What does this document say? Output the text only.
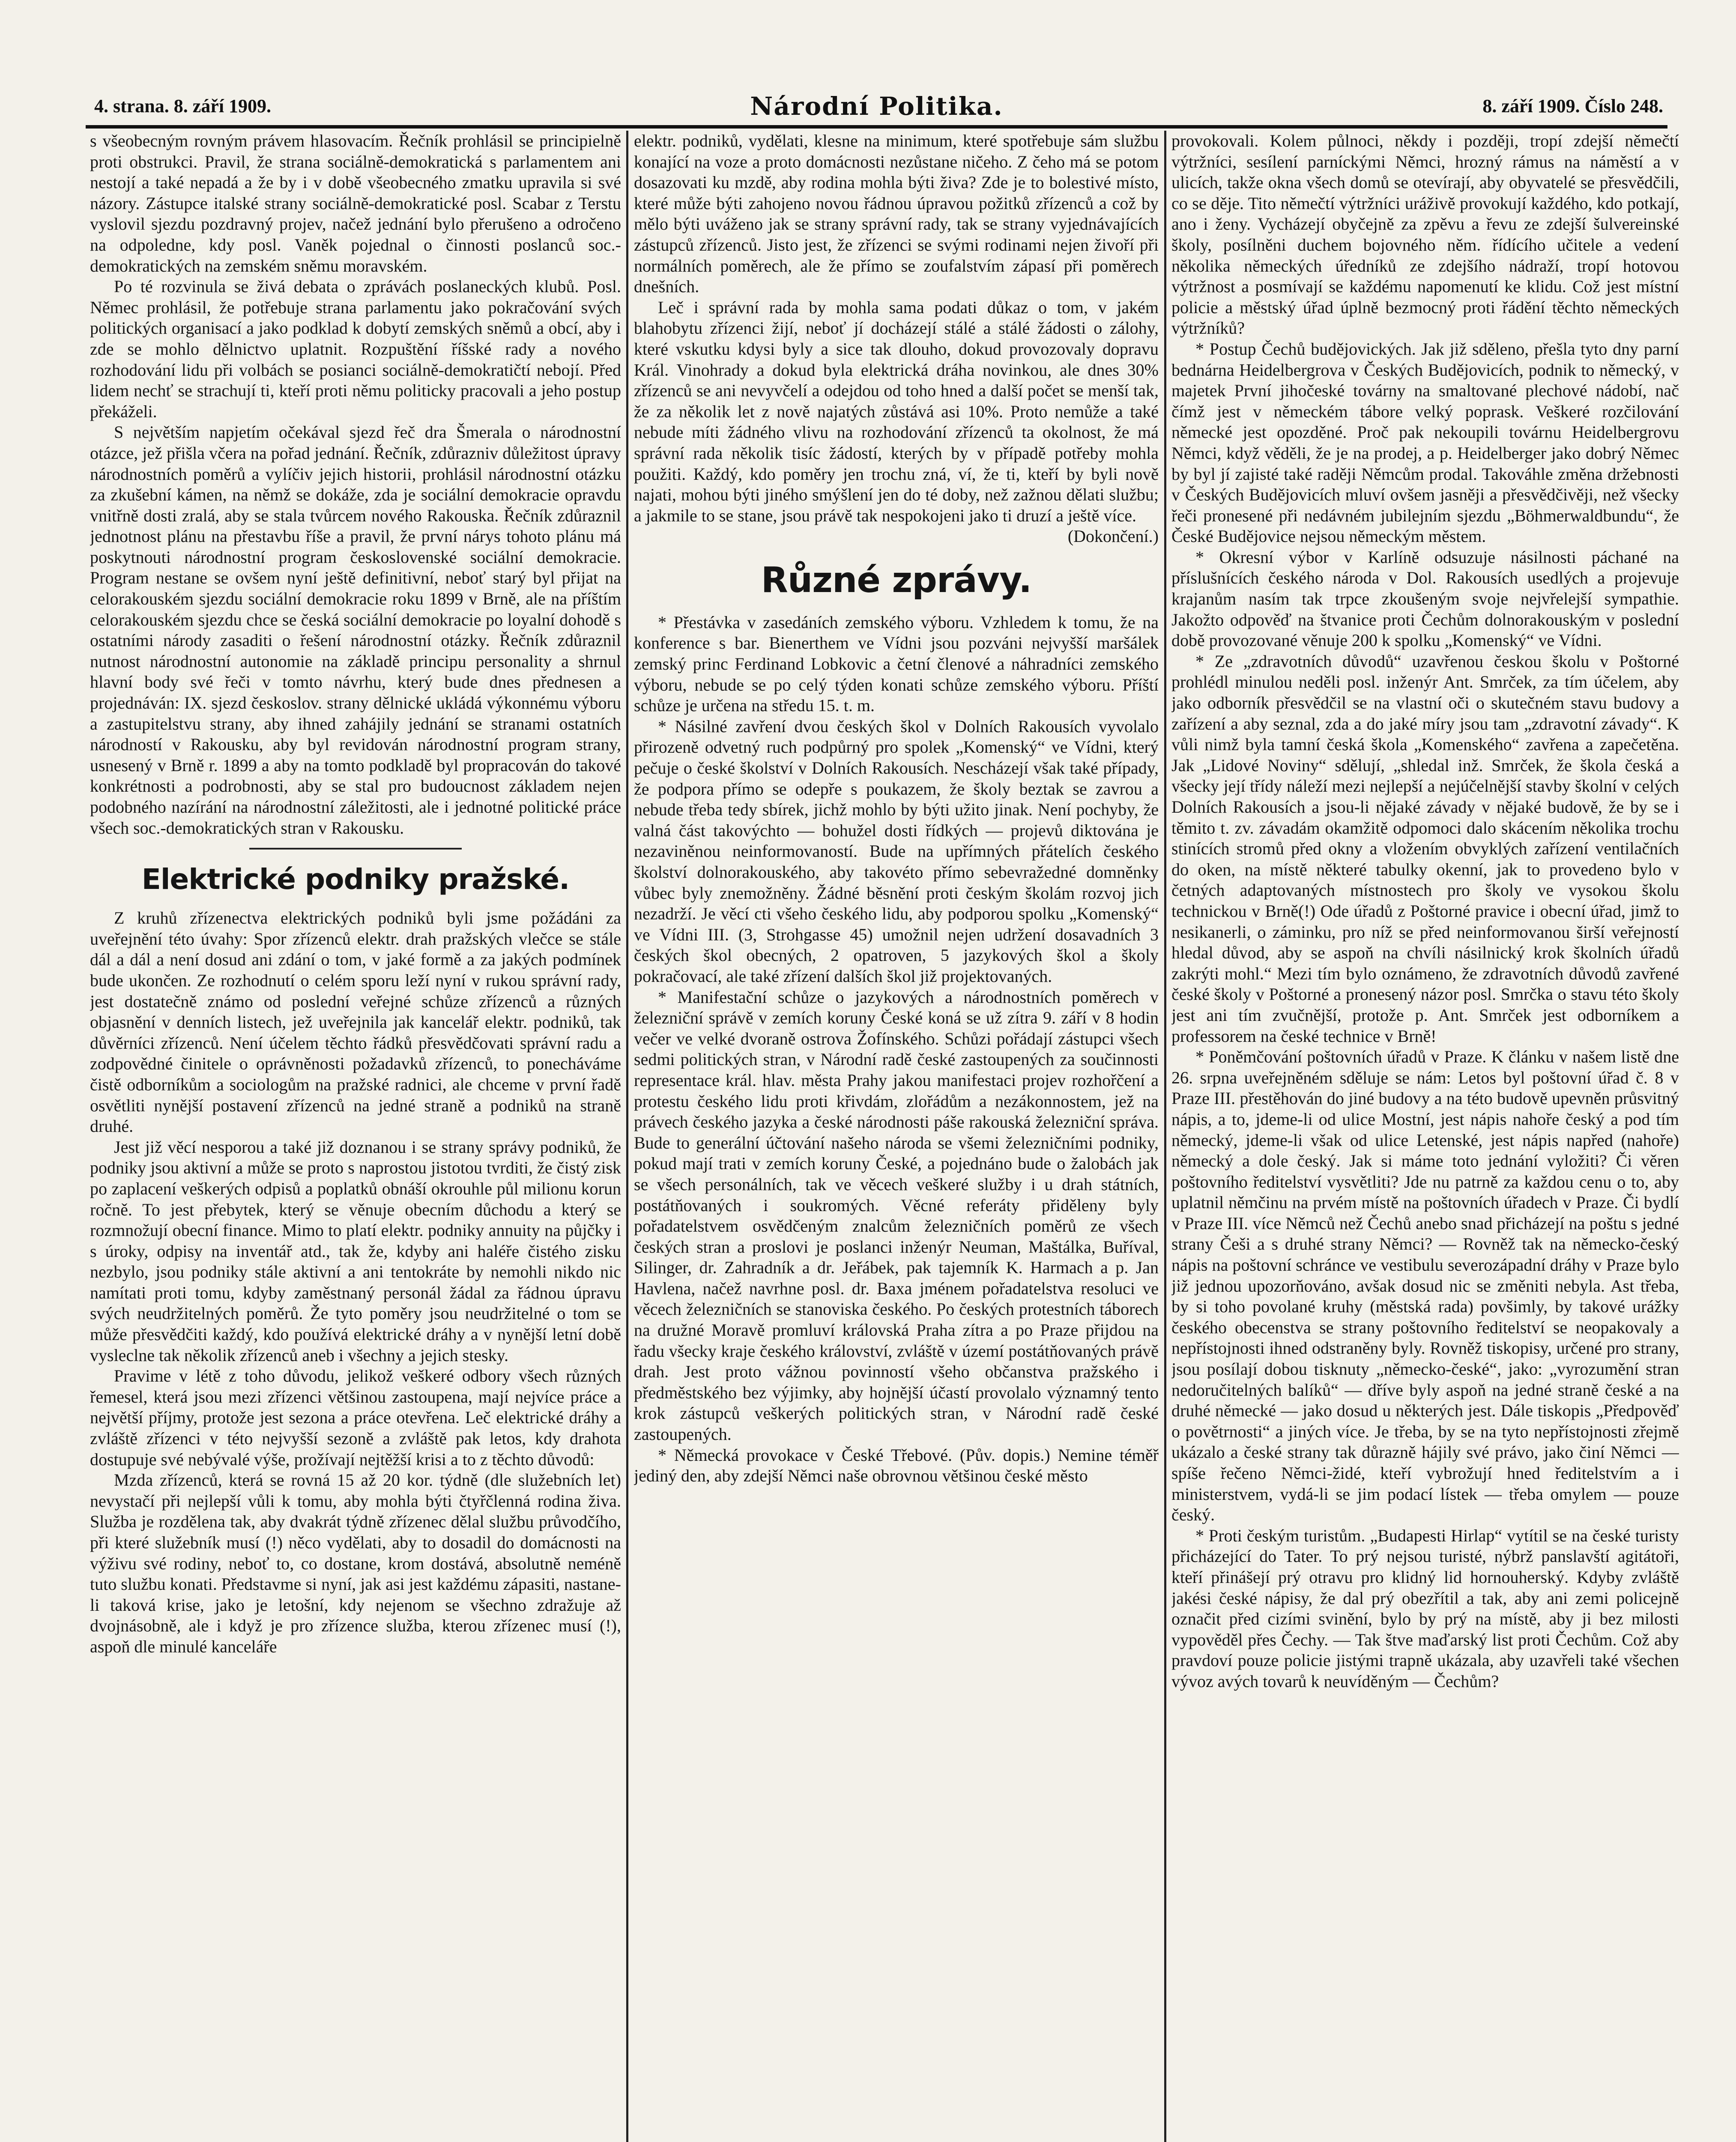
4. strana. 8. září 1909.	Národní Politika.	8. září 1909. Číslo 248.

s všeobecným rovným právem hlasovacím. Řečník prohlásil se principielně proti obstrukci. Pravil, že strana sociálně-demokratická s parlamentem ani nestojí a také nepadá a že by i v době všeobecného zmatku upravila si své názory. Zástupce italské strany sociálně-demokratické posl. Scabar z Terstu vyslovil sjezdu pozdravný projev, načež jednání bylo přerušeno a odročeno na odpoledne, kdy posl. Vaněk pojednal o činnosti poslanců soc.-demokratických na zemském sněmu moravském.

Po té rozvinula se živá debata o zprávách poslaneckých klubů. Posl. Němec prohlásil, že potřebuje strana parlamentu jako pokračování svých politických organisací a jako podklad k dobytí zemských sněmů a obcí, aby i zde se mohlo dělnictvo uplatnit. Rozpuštění říšské rady a nového rozhodování lidu při volbách se posianci sociálně-demokratičtí nebojí. Před lidem nechť se strachují ti, kteří proti němu politicky pracovali a jeho postup překáželi.

S největším napjetím očekával sjezd řeč dra Šmerala o národnostní otázce, jež přišla včera na pořad jednání. Řečník, zdůrazniv důležitost úpravy národnostních poměrů a vylíčiv jejich historii, prohlásil národnostní otázku za zkušební kámen, na němž se dokáže, zda je sociální demokracie opravdu vnitřně dosti zralá, aby se stala tvůrcem nového Rakouska. Řečník zdůraznil jednotnost plánu na přestavbu říše a pravil, že první nárys tohoto plánu má poskytnouti národnostní program československé sociální demokracie. Program nestane se ovšem nyní ještě definitivní, neboť starý byl přijat na celorakouském sjezdu sociální demokracie roku 1899 v Brně, ale na příštím celorakouském sjezdu chce se česká sociální demokracie po loyalní dohodě s ostatními národy zasaditi o řešení národnostní otázky. Řečník zdůraznil nutnost národnostní autonomie na základě principu personality a shrnul hlavní body své řeči v tomto návrhu, který bude dnes přednesen a projednáván: IX. sjezd českoslov. strany dělnické ukládá výkonnému výboru a zastupitelstvu strany, aby ihned zahájily jednání se stranami ostatních národností v Rakousku, aby byl revidován národnostní program strany, usnesený v Brně r. 1899 a aby na tomto podkladě byl propracován do takové konkrétnosti a podrobnosti, aby se stal pro budoucnost základem nejen podobného nazírání na národnostní záležitosti, ale i jednotné politické práce všech soc.-demokratických stran v Rakousku.

Elektrické podniky pražské.

Z kruhů zřízenectva elektrických podniků byli jsme požádáni za uveřejnění této úvahy: Spor zřízenců elektr. drah pražských vlečce se stále dál a dál a není dosud ani zdání o tom, v jaké formě a za jakých podmínek bude ukončen. Ze rozhodnutí o celém sporu leží nyní v rukou správní rady, jest dostatečně známo od poslední veřejné schůze zřízenců a různých objasnění v denních listech, jež uveřejnila jak kancelář elektr. podniků, tak důvěrníci zřízenců. Není účelem těchto řádků přesvědčovati správní radu a zodpovědné činitele o oprávněnosti požadavků zřízenců, to ponecháváme čistě odborníkům a sociologům na pražské radnici, ale chceme v první řadě osvětliti nynější postavení zřízenců na jedné straně a podniků na straně druhé.

Jest již věcí nesporou a také již doznanou i se strany správy podniků, že podniky jsou aktivní a může se proto s naprostou jistotou tvrditi, že čistý zisk po zaplacení veškerých odpisů a poplatků obnáší okrouhle půl milionu korun ročně. To jest přebytek, který se věnuje obecním důchodu a který se rozmnožují obecní finance. Mimo to platí elektr. podniky annuity na půjčky i s úroky, odpisy na inventář atd., tak že, kdyby ani haléře čistého zisku nezbylo, jsou podniky stále aktivní a ani tentokráte by nemohli nikdo nic namítati proti tomu, kdyby zaměstnaný personál žádal za řádnou úpravu svých neudržitelných poměrů. Že tyto poměry jsou neudržitelné o tom se může přesvědčiti každý, kdo používá elektrické dráhy a v nynější letní době vysleclne tak několik zřízenců aneb i všechny a jejich stesky.

Pravime v létě z toho důvodu, jelikož veškeré odbory všech různých řemesel, která jsou mezi zřízenci většinou zastoupena, mají nejvíce práce a největší příjmy, protože jest sezona a práce otevřena. Leč elektrické dráhy a zvláště zřízenci v této nejvyšší sezoně a zvláště pak letos, kdy drahota dostupuje své nebývalé výše, prožívají nejtěžší krisi a to z těchto důvodů:

Mzda zřízenců, která se rovná 15 až 20 kor. týdně (dle služebních let) nevystačí při nejlepší vůli k tomu, aby mohla býti čtyřčlenná rodina živa. Služba je rozdělena tak, aby dvakrát týdně zřízenec dělal službu průvodčího, při které služebník musí (!) něco vydělati, aby to dosadil do domácnosti na výživu své rodiny, neboť to, co dostane, krom dostává, absolutně neméně tuto službu konati. Představme si nyní, jak asi jest každému zápasiti, nastane-li taková krise, jako je letošní, kdy nejenom se všechno zdražuje až dvojnásobně, ale i když je pro zřízence služba, kterou zřízenec musí (!), aspoň dle minulé kanceláře

elektr. podniků, vydělati, klesne na minimum, které spotřebuje sám službu konající na voze a proto domácnosti nezůstane ničeho. Z čeho má se potom dosazovati ku mzdě, aby rodina mohla býti živa? Zde je to bolestivé místo, které může býti zahojeno novou řádnou úpravou požitků zřízenců a což by mělo býti uváženo jak se strany správní rady, tak se strany vyjednávajících zástupců zřízenců. Jisto jest, že zřízenci se svými rodinami nejen živoří při normálních poměrech, ale že přímo se zoufalstvím zápasí při poměrech dnešních.

Leč i správní rada by mohla sama podati důkaz o tom, v jakém blahobytu zřízenci žijí, neboť jí docházejí stálé a stálé žádosti o zálohy, které vskutku kdysi byly a sice tak dlouho, dokud provozovaly dopravu Král. Vinohrady a dokud byla elektrická dráha novinkou, ale dnes 30% zřízenců se ani nevyvčelí a odejdou od toho hned a další počet se menší tak, že za několik let z nově najatých zůstává asi 10%. Proto nemůže a také nebude míti žádného vlivu na rozhodování zřízenců ta okolnost, že má správní rada několik tisíc žádostí, kterých by v případě potřeby mohla použiti. Každý, kdo poměry jen trochu zná, ví, že ti, kteří by byli nově najati, mohou býti jiného smýšlení jen do té doby, než zažnou dělati službu; a jakmile to se stane, jsou právě tak nespokojeni jako ti druzí a ještě více.

(Dokončení.)

Různé zprávy.

* Přestávka v zasedáních zemského výboru. Vzhledem k tomu, že na konference s bar. Bienerthem ve Vídni jsou pozváni nejvyšší maršálek zemský princ Ferdinand Lobkovic a četní členové a náhradníci zemského výboru, nebude se po celý týden konati schůze zemského výboru. Příští schůze je určena na středu 15. t. m.

* Násilné zavření dvou českých škol v Dolních Rakousích vyvolalo přirozeně odvetný ruch podpůrný pro spolek „Komenský“ ve Vídni, který pečuje o české školství v Dolních Rakousích. Nescházejí však také případy, že podpora přímo se odepře s poukazem, že školy beztak se zavrou a nebude třeba tedy sbírek, jichž mohlo by býti užito jinak. Není pochyby, že valná část takovýchto — bohužel dosti řídkých — projevů diktována je nezaviněnou neinformovaností. Bude na upřímných přátelích českého školství dolnorakouského, aby takovéto přímo sebevražedné domněnky vůbec byly znemožněny. Žádné běsnění proti českým školám rozvoj jich nezadrží. Je věcí cti všeho českého lidu, aby podporou spolku „Komenský“ ve Vídni III. (3, Strohgasse 45) umožnil nejen udržení dosavadních 3 českých škol obecných, 2 opatroven, 5 jazykových škol a školy pokračovací, ale také zřízení dalších škol již projektovaných.

* Manifestační schůze o jazykových a národnostních poměrech v železniční správě v zemích koruny České koná se už zítra 9. září v 8 hodin večer ve velké dvoraně ostrova Žofínského. Schůzi pořádají zástupci všech sedmi politických stran, v Národní radě české zastoupených za součinnosti representace král. hlav. města Prahy jakou manifestaci projev rozhořčení a protestu českého lidu proti křivdám, zlořádům a nezákonnostem, jež na právech českého jazyka a české národnosti páše rakouská železniční správa. Bude to generální účtování našeho národa se všemi železničními podniky, pokud mají trati v zemích koruny České, a pojednáno bude o žalobách jak se všech personálních, tak ve věcech veškeré služby i u drah státních, postátňovaných i soukromých. Věcné referáty přiděleny byly pořadatelstvem osvědčeným znalcům železničních poměrů ze všech českých stran a proslovi je poslanci inženýr Neuman, Maštálka, Buříval, Silinger, dr. Zahradník a dr. Jeřábek, pak tajemník K. Harmach a p. Jan Havlena, načež navrhne posl. dr. Baxa jménem pořadatelstva resoluci ve věcech železničních se stanoviska českého. Po českých protestních táborech na družné Moravě promluví královská Praha zítra a po Praze přijdou na řadu všecky kraje českého království, zvláště v území postátňovaných právě drah. Jest proto vážnou povinností všeho občanstva pražského i předměstského bez výjimky, aby hojnější účastí provolalo významný tento krok zástupců veškerých politických stran, v Národní radě české zastoupených.

* Německá provokace v České Třebové. (Pův. dopis.) Nemine téměř jediný den, aby zdejší Němci naše obrovnou většinou české město

provokovali. Kolem půlnoci, někdy i později, tropí zdejší němečtí výtržníci, sesílení parníckými Němci, hrozný rámus na náměstí a v ulicích, takže okna všech domů se otevírají, aby obyvatelé se přesvědčili, co se děje. Tito němečtí výtržníci uráživě provokují každého, kdo potkají, ano i ženy. Vycházejí obyčejně za zpěvu a řevu ze zdejší šulvereinské školy, posílněni duchem bojovného něm. řídícího učitele a vedení několika německých úředníků ze zdejšího nádraží, tropí hotovou výtržnost a posmívají se každému napomenutí ke klidu. Což jest místní policie a městský úřad úplně bezmocný proti řádění těchto německých výtržníků?

* Postup Čechů budějovických. Jak již sděleno, přešla tyto dny parní bednárna Heidelbergrova v Českých Budějovicích, podnik to německý, v majetek První jihočeské továrny na smaltované plechové nádobí, nač čímž jest v německém tábore velký poprask. Veškeré rozčilování německé jest opozděné. Proč pak nekoupili továrnu Heidelbergrovu Němci, když věděli, že je na prodej, a p. Heidelberger jako dobrý Němec by byl jí zajisté také raději Němcům prodal. Takováhle změna držebnosti v Českých Budějovicích mluví ovšem jasněji a přesvědčivěji, než všecky řeči pronesené při nedávném jubilejním sjezdu „Böhmerwaldbundu“, že České Budějovice nejsou německým městem.

* Okresní výbor v Karlíně odsuzuje násilnosti páchané na příslušnících českého národa v Dol. Rakousích usedlých a projevuje krajanům nasím tak trpce zkoušeným svoje nejvřelejší sympathie. Jakožto odpověď na štvanice proti Čechům dolnorakouským v poslední době provozované věnuje 200 k spolku „Komenský“ ve Vídni.

* Ze „zdravotních důvodů“ uzavřenou českou školu v Poštorné prohlédl minulou neděli posl. inženýr Ant. Smrček, za tím účelem, aby jako odborník přesvědčil se na vlastní oči o skutečném stavu budovy a zařízení a aby seznal, zda a do jaké míry jsou tam „zdravotní závady“. K vůli nimž byla tamní česká škola „Komenského“ zavřena a zapečetěna. Jak „Lidové Noviny“ sdělují, „shledal inž. Smrček, že škola česká a všecky její třídy náleží mezi nejlepší a nejúčelnější stavby školní v celých Dolních Rakousích a jsou-li nějaké závady v nějaké budově, že by se i těmito t. zv. závadám okamžitě odpomoci dalo skácením několika trochu stinících stromů před okny a vložením obvyklých zařízení ventilačních do oken, na místě některé tabulky okenní, jak to provedeno bylo v četných adaptovaných místnostech pro školy ve vysokou školu technickou v Brně(!) Ode úřadů z Poštorné pravice i obecní úřad, jimž to nesikanerli, o záminku, pro níž se před neinformovanou širší veřejností hledal důvod, aby se aspoň na chvíli násilnický krok školních úřadů zakrýti mohl.“ Mezi tím bylo oznámeno, že zdravotních důvodů zavřené české školy v Poštorné a pronesený názor posl. Smrčka o stavu této školy jest ani tím zvučnější, protože p. Ant. Smrček jest odborníkem a professorem na české technice v Brně!

* Poněmčování poštovních úřadů v Praze. K článku v našem listě dne 26. srpna uveřejněném sděluje se nám: Letos byl poštovní úřad č. 8 v Praze III. přestěhován do jiné budovy a na této budově upevněn průsvitný nápis, a to, jdeme-li od ulice Mostní, jest nápis nahoře český a pod tím německý, jdeme-li však od ulice Letenské, jest nápis napřed (nahoře) německý a dole český. Jak si máme toto jednání vyložiti? Či věren poštovního ředitelství vysvětliti? Jde nu patrně za každou cenu o to, aby uplatnil němčinu na prvém místě na poštovních úřadech v Praze. Či bydlí v Praze III. více Němců než Čechů anebo snad přicházejí na poštu s jedné strany Češi a s druhé strany Němci? — Rovněž tak na německo-český nápis na poštovní schránce ve vestibulu severozápadní dráhy v Praze bylo již jednou upozorňováno, avšak dosud nic se změniti nebyla. Ast třeba, by si toho povolané kruhy (městská rada) povšimly, by takové urážky českého obecenstva se strany poštovního ředitelství se neopakovaly a nepřístojnosti ihned odstraněny byly. Rovněž tiskopisy, určené pro strany, jsou posílají dobou tisknuty „německo-české“, jako: „vyrozumění stran nedoručitelných balíků“ — dříve byly aspoň na jedné straně české a na druhé německé — jako dosud u některých jest. Dále tiskopis „Předpověď o povětrnosti“ a jiných více. Je třeba, by se na tyto nepřístojnosti zřejmě ukázalo a české strany tak důrazně hájily své právo, jako činí Němci — spíše řečeno Němci-židé, kteří vybrožují hned ředitelstvím a i ministerstvem, vydá-li se jim podací lístek — třeba omylem — pouze český.

* Proti českým turistům. „Budapesti Hirlap“ vytítil se na české turisty přicházející do Tater. To prý nejsou turisté, nýbrž panslavští agitátoři, kteří přinášejí prý otravu pro klidný lid hornouherský. Kdyby zvláště jakési české nápisy, že dal prý obezřítil a tak, aby ani zemi policejně označit před cizími svinění, bylo by prý na místě, aby ji bez milosti vypověděl přes Čechy. — Tak štve maďarský list proti Čechům. Což aby pravdoví pouze policie jistými trapně ukázala, aby uzavřeli také všechen vývoz avých tovarů k neuvíděným — Čechům?
